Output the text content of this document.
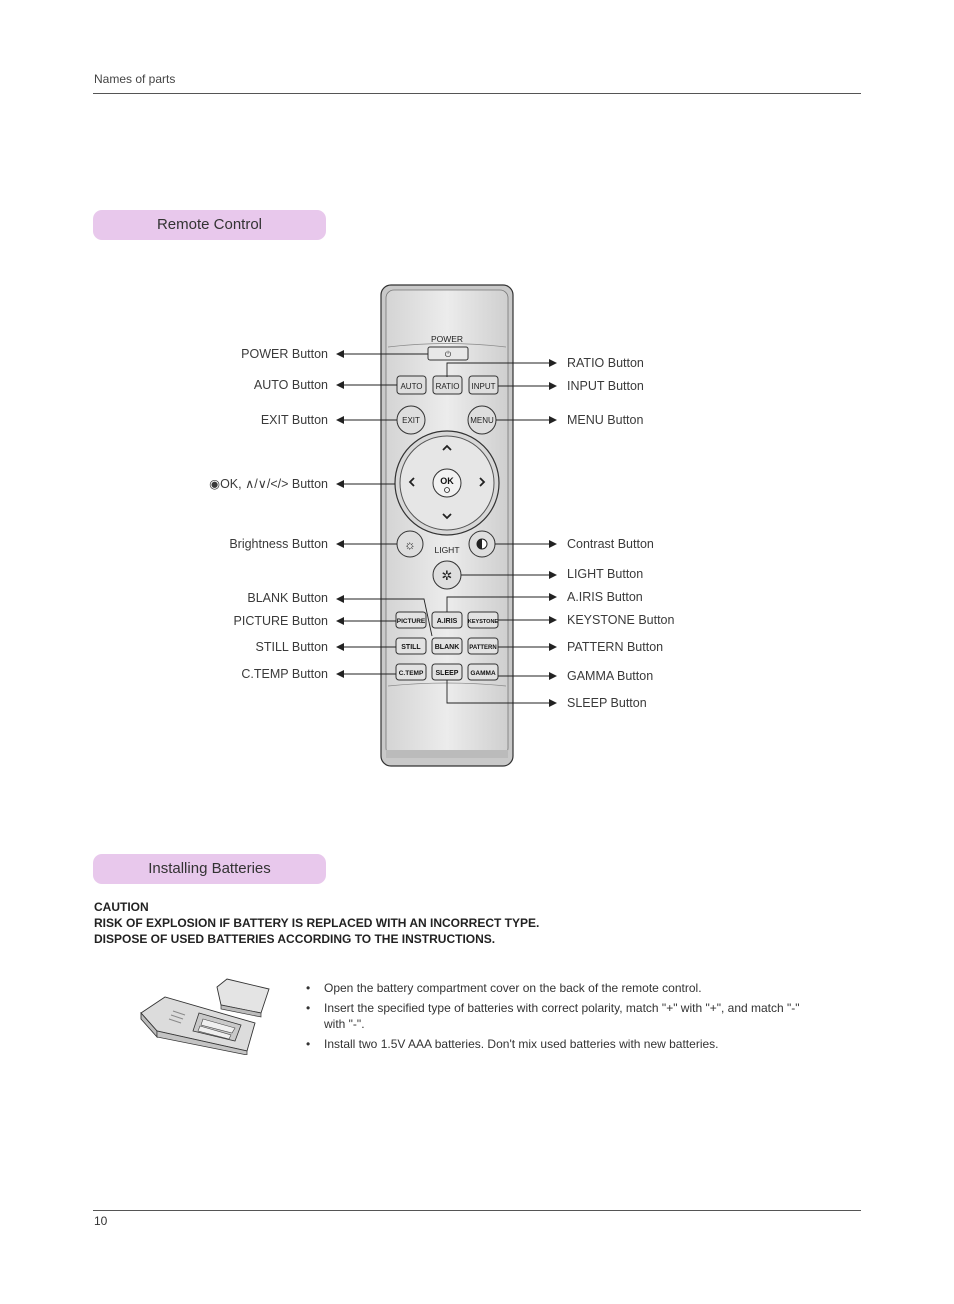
Names of parts
Remote Control
POWER
⏻
AUTO RATIO INPUT
EXIT	MENU
OK
☼ LIGHT
✲
PICTURE A.IRIS KEYSTONE
STILL BLANK PATTERN
C.TEMP SLEEP GAMMA
POWER Button
AUTO Button
EXIT Button
◉OK, ∧/∨/</> Button
Brightness Button
BLANK Button
PICTURE Button
STILL Button
C.TEMP Button
RATIO Button
INPUT Button
MENU Button
Contrast Button
LIGHT Button
A.IRIS Button
KEYSTONE Button
PATTERN Button
GAMMA Button
SLEEP Button
Installing Batteries
CAUTION
RISK OF EXPLOSION IF BATTERY IS REPLACED WITH AN INCORRECT TYPE.
DISPOSE OF USED BATTERIES ACCORDING TO THE INSTRUCTIONS.
• Open the battery compartment cover on the back of the remote control.
• Insert the specified type of batteries with correct polarity, match "+" with "+", and match "-" with "-".
• Install two 1.5V AAA batteries. Don't mix used batteries with new batteries.
10
